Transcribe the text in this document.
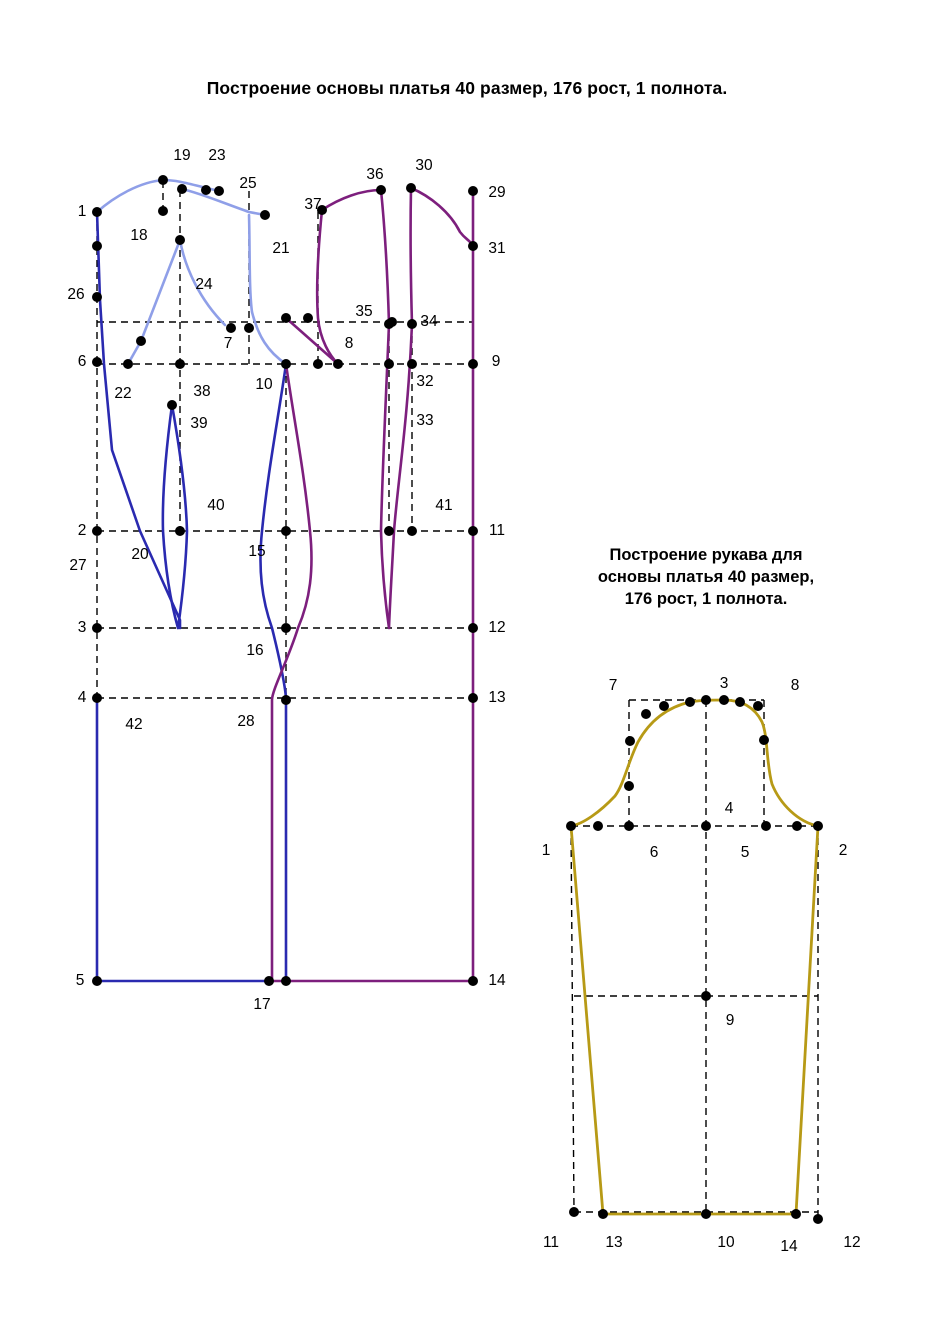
Построение основы платья 40 размер, 176 рост, 1 полнота.
Построение рукава для
основы платья 40 размер,
176 рост, 1 полнота.
1
26
6
2
27
3
4
5
19 23
25
18
21
24
7	8
35
34
22	38	10
9
32
33
39
40	41
11
20	15
12
16
13
42	28
17
14
37
36
30
29
31
7	3	8
4
1	6	5	2
9
11	13	10	14	12
